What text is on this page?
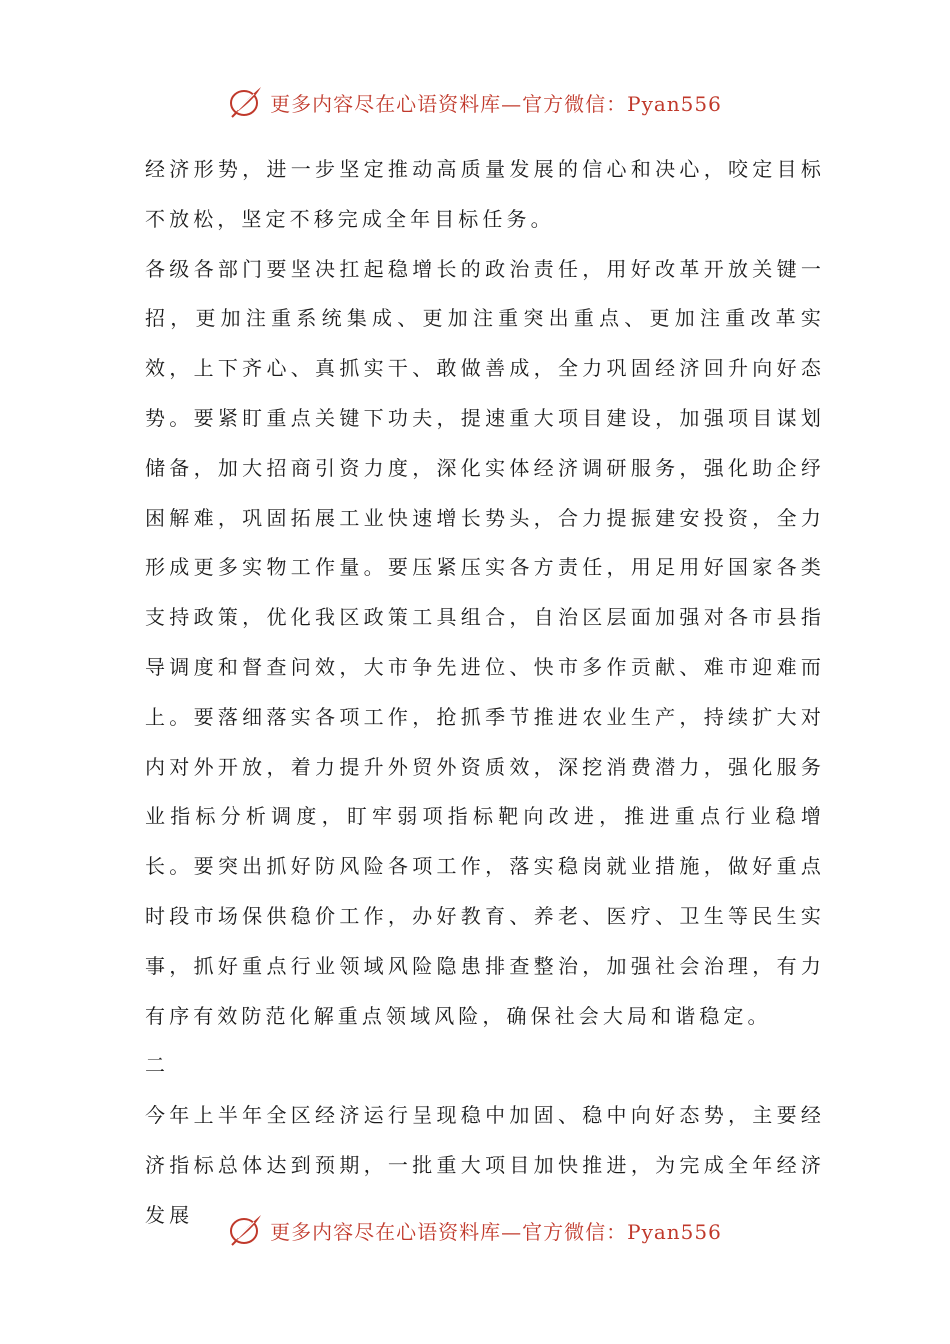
更多内容尽在心语资料库—官方微信：Pyan556

经济形势，进一步坚定推动高质量发展的信心和决心，咬定目标不放松，坚定不移完成全年目标任务。

各级各部门要坚决扛起稳增长的政治责任，用好改革开放关键一招，更加注重系统集成、更加注重突出重点、更加注重改革实效，上下齐心、真抓实干、敢做善成，全力巩固经济回升向好态势。要紧盯重点关键下功夫，提速重大项目建设，加强项目谋划储备，加大招商引资力度，深化实体经济调研服务，强化助企纾困解难，巩固拓展工业快速增长势头，合力提振建安投资，全力形成更多实物工作量。要压紧压实各方责任，用足用好国家各类支持政策，优化我区政策工具组合，自治区层面加强对各市县指导调度和督查问效，大市争先进位、快市多作贡献、难市迎难而上。要落细落实各项工作，抢抓季节推进农业生产，持续扩大对内对外开放，着力提升外贸外资质效，深挖消费潜力，强化服务业指标分析调度，盯牢弱项指标靶向改进，推进重点行业稳增长。要突出抓好防风险各项工作，落实稳岗就业措施，做好重点时段市场保供稳价工作，办好教育、养老、医疗、卫生等民生实事，抓好重点行业领域风险隐患排查整治，加强社会治理，有力有序有效防范化解重点领域风险，确保社会大局和谐稳定。

二

今年上半年全区经济运行呈现稳中加固、稳中向好态势，主要经济指标总体达到预期，一批重大项目加快推进，为完成全年经济发展

更多内容尽在心语资料库—官方微信：Pyan556
